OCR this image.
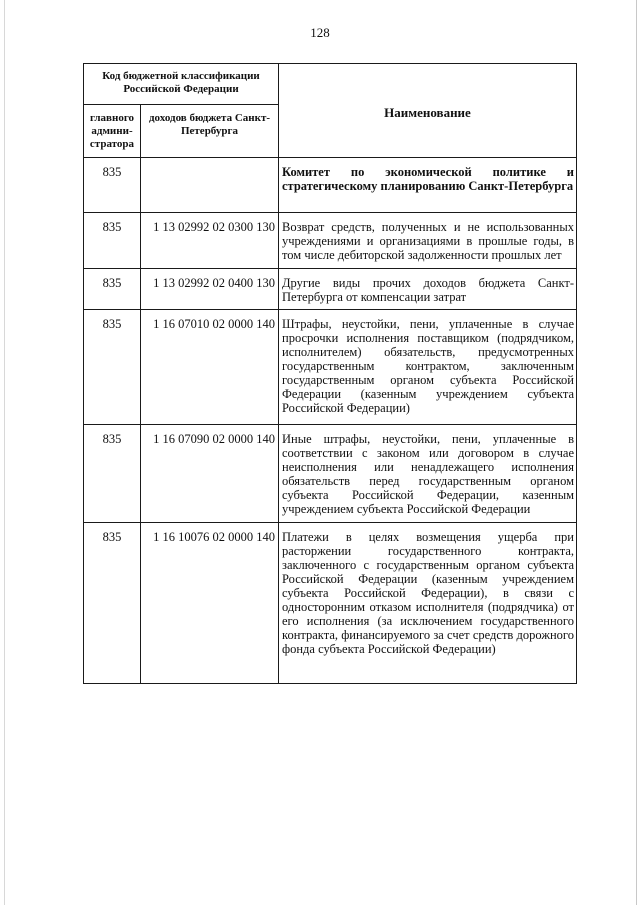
128
Код бюджетной классификации Российской Федерации		Наименование
главного админи-стратора	доходов бюджета Санкт-Петербурга	
835		Комитет по экономической политике и стратегическому планированию Санкт-Петербурга
835	1 13 02992 02 0300 130	Возврат средств, полученных и не использованных учреждениями и организациями в прошлые годы, в том числе дебиторской задолженности прошлых лет
835	1 13 02992 02 0400 130	Другие виды прочих доходов бюджета Санкт-Петербурга от компенсации затрат
835	1 16 07010 02 0000 140	Штрафы, неустойки, пени, уплаченные в случае просрочки исполнения поставщиком (подрядчиком, исполнителем) обязательств, предусмотренных государственным контрактом, заключенным государственным органом субъекта Российской Федерации (казенным учреждением субъекта Российской Федерации)
835	1 16 07090 02 0000 140	Иные штрафы, неустойки, пени, уплаченные в соответствии с законом или договором в случае неисполнения или ненадлежащего исполнения обязательств перед государственным органом субъекта Российской Федерации, казенным учреждением субъекта Российской Федерации
835	1 16 10076 02 0000 140	Платежи в целях возмещения ущерба при расторжении государственного контракта, заключенного с государственным органом субъекта Российской Федерации (казенным учреждением субъекта Российской Федерации), в связи с односторонним отказом исполнителя (подрядчика) от его исполнения (за исключением государственного контракта, финансируемого за счет средств дорожного фонда субъекта Российской Федерации)
